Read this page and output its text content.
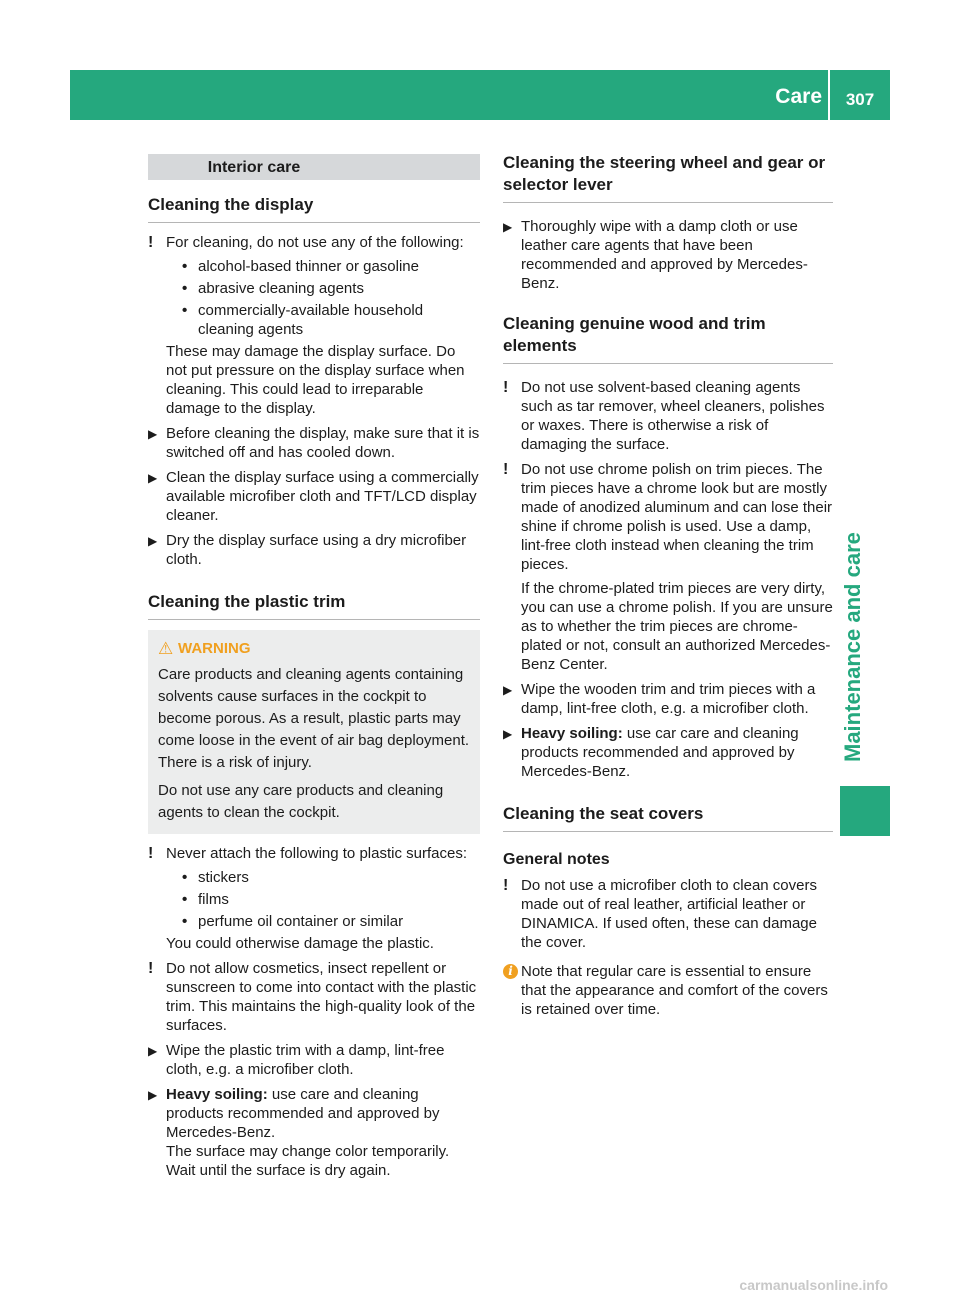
Care	307
Maintenance and care
Interior care
Cleaning the display
! For cleaning, do not use any of the following:
• alcohol-based thinner or gasoline
• abrasive cleaning agents
• commercially-available household cleaning agents
These may damage the display surface. Do not put pressure on the display surface when cleaning. This could lead to irreparable damage to the display.
▶ Before cleaning the display, make sure that it is switched off and has cooled down.
▶ Clean the display surface using a commercially available microfiber cloth and TFT/LCD display cleaner.
▶ Dry the display surface using a dry microfiber cloth.
Cleaning the plastic trim
⚠ WARNING
Care products and cleaning agents containing solvents cause surfaces in the cockpit to become porous. As a result, plastic parts may come loose in the event of air bag deployment. There is a risk of injury.
Do not use any care products and cleaning agents to clean the cockpit.
! Never attach the following to plastic surfaces:
• stickers
• films
• perfume oil container or similar
You could otherwise damage the plastic.
! Do not allow cosmetics, insect repellent or sunscreen to come into contact with the plastic trim. This maintains the high-quality look of the surfaces.
▶ Wipe the plastic trim with a damp, lint-free cloth, e.g. a microfiber cloth.
▶ Heavy soiling: use care and cleaning products recommended and approved by Mercedes-Benz.
The surface may change color temporarily. Wait until the surface is dry again.
Cleaning the steering wheel and gear or selector lever
▶ Thoroughly wipe with a damp cloth or use leather care agents that have been recommended and approved by Mercedes-Benz.
Cleaning genuine wood and trim elements
! Do not use solvent-based cleaning agents such as tar remover, wheel cleaners, polishes or waxes. There is otherwise a risk of damaging the surface.
! Do not use chrome polish on trim pieces. The trim pieces have a chrome look but are mostly made of anodized aluminum and can lose their shine if chrome polish is used. Use a damp, lint-free cloth instead when cleaning the trim pieces.
If the chrome-plated trim pieces are very dirty, you can use a chrome polish. If you are unsure as to whether the trim pieces are chrome-plated or not, consult an authorized Mercedes-Benz Center.
▶ Wipe the wooden trim and trim pieces with a damp, lint-free cloth, e.g. a microfiber cloth.
▶ Heavy soiling: use car care and cleaning products recommended and approved by Mercedes-Benz.
Cleaning the seat covers
General notes
! Do not use a microfiber cloth to clean covers made out of real leather, artificial leather or DINAMICA. If used often, these can damage the cover.
i Note that regular care is essential to ensure that the appearance and comfort of the covers is retained over time.
carmanualsonline.info
